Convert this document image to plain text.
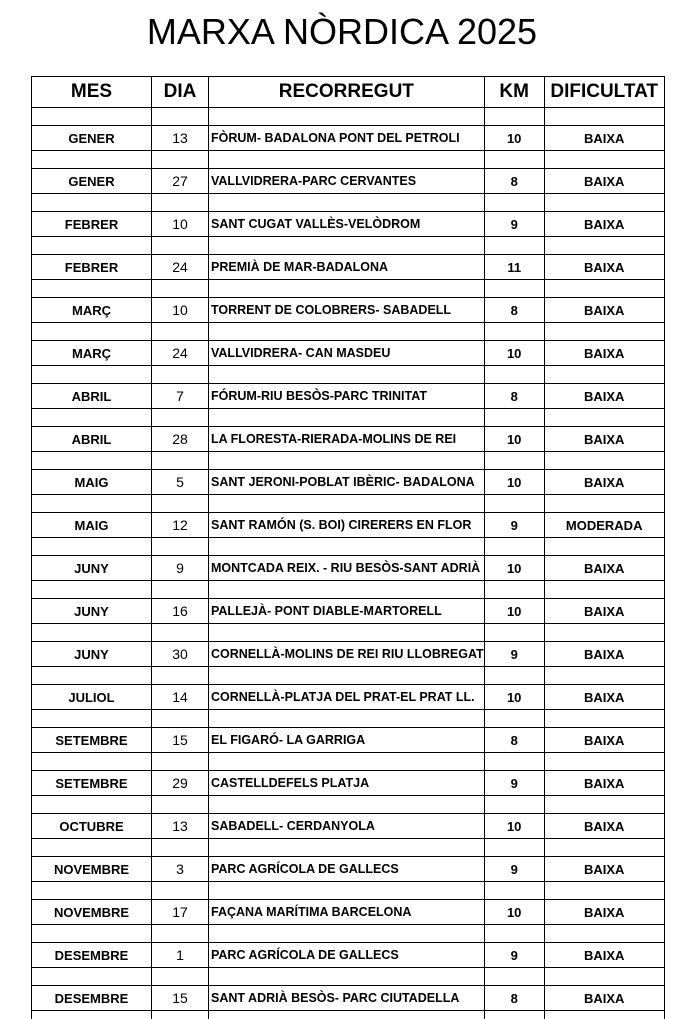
MARXA NÒRDICA 2025
MES	DIA	RECORREGUT	KM	DIFICULTAT

GENER	13	FÒRUM- BADALONA PONT DEL PETROLI	10	BAIXA

GENER	27	VALLVIDRERA-PARC CERVANTES	8	BAIXA

FEBRER	10	SANT CUGAT VALLÈS-VELÒDROM	9	BAIXA

FEBRER	24	PREMIÀ DE MAR-BADALONA	11	BAIXA

MARÇ	10	TORRENT DE COLOBRERS- SABADELL	8	BAIXA

MARÇ	24	VALLVIDRERA- CAN MASDEU	10	BAIXA

ABRIL	7	FÓRUM-RIU BESÒS-PARC TRINITAT	8	BAIXA

ABRIL	28	LA FLORESTA-RIERADA-MOLINS DE REI	10	BAIXA

MAIG	5	SANT JERONI-POBLAT IBÈRIC- BADALONA	10	BAIXA

MAIG	12	SANT RAMÓN (S. BOI) CIRERERS EN FLOR	9	MODERADA

JUNY	9	MONTCADA REIX. - RIU BESÒS-SANT ADRIÀ	10	BAIXA

JUNY	16	PALLEJÀ- PONT DIABLE-MARTORELL	10	BAIXA

JUNY	30	CORNELLÀ-MOLINS DE REI RIU LLOBREGAT	9	BAIXA

JULIOL	14	CORNELLÀ-PLATJA DEL PRAT-EL PRAT LL.	10	BAIXA

SETEMBRE	15	EL FIGARÓ- LA GARRIGA	8	BAIXA

SETEMBRE	29	CASTELLDEFELS PLATJA	9	BAIXA

OCTUBRE	13	SABADELL- CERDANYOLA	10	BAIXA

NOVEMBRE	3	PARC AGRÍCOLA DE GALLECS	9	BAIXA

NOVEMBRE	17	FAÇANA MARÍTIMA BARCELONA	10	BAIXA

DESEMBRE	1	PARC AGRÍCOLA DE GALLECS	9	BAIXA

DESEMBRE	15	SANT ADRIÀ BESÒS- PARC CIUTADELLA	8	BAIXA
